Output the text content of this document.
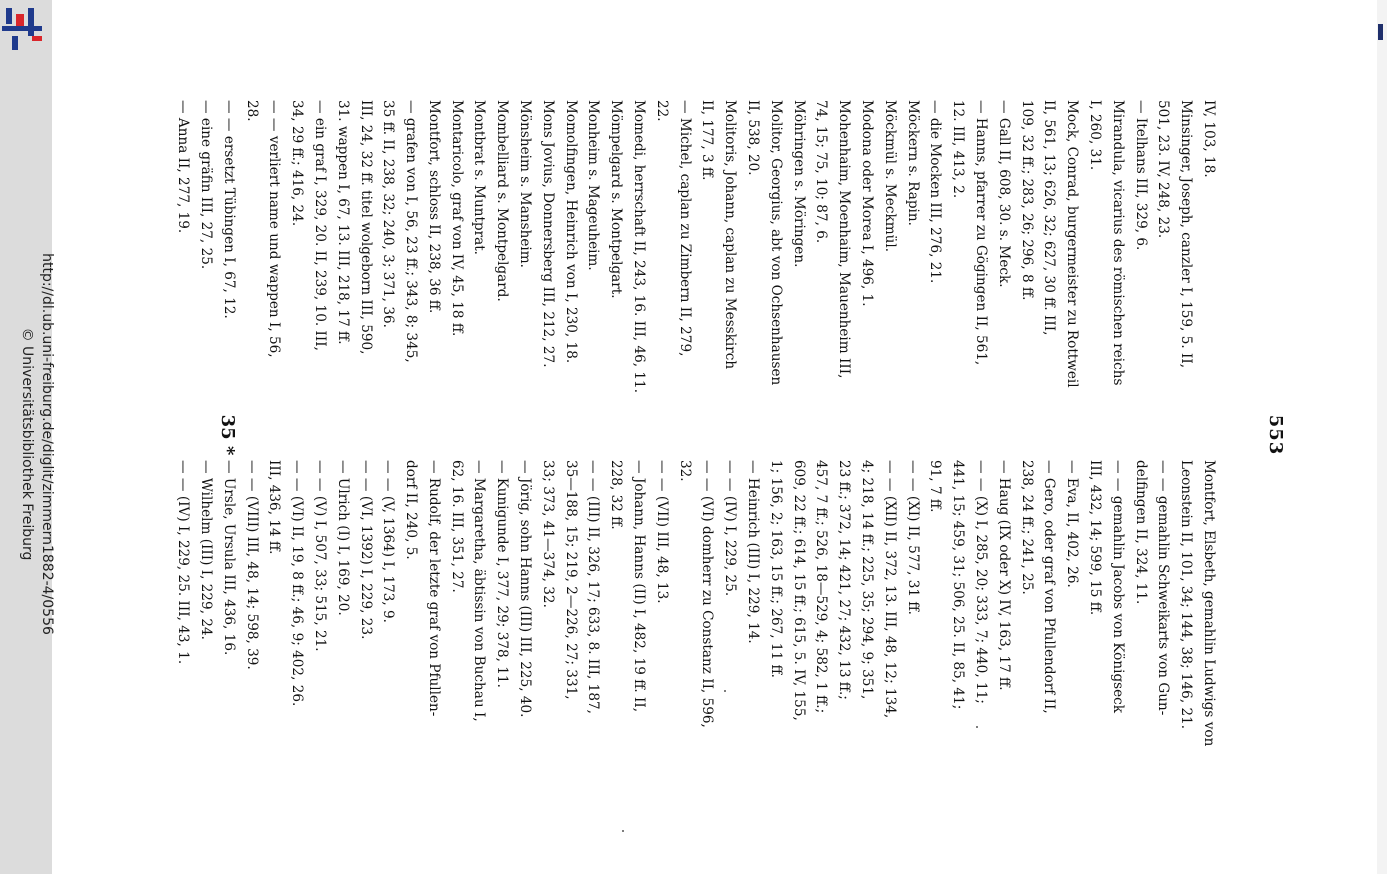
http://dl.ub.uni-freiburg.de/diglit/zimmern1882-4/0556
© Universitätsbibliothek Freiburg	553
IV, 103, 18.
Minsinger, Joseph, canzler I, 159, 5. II,
501, 23. IV, 248, 23.
— Itelhans III, 329, 6.
Mirandula, vicarius des römischen reichs
I, 260, 31.
Mock, Conrad, burgermeister zu Rottweil
II, 561, 13; 626, 32; 627, 30 ff. III,
109, 32 ff.; 283, 26; 296, 8 ff.
— Gall II, 608, 30. s. Meck.
— Hanns, pfarrer zu Gögingen II, 561,
12. III, 413, 2.
— die Mocken III, 276, 21.
Möckern s. Rapin.
Möckmül s. Meckmül.
Modona oder Morea I, 496, 1.
Mohenhaim, Moenhaim, Mauenheim III,
74, 15; 75, 10; 87, 6.
Möhringen s. Möringen.
Molitor, Georgius, abt von Ochsenhausen
II, 538, 20.
Molitoris, Johann, caplan zu Messkirch
II, 177, 3 ff.
— Michel, caplan zu Zimbern II, 279,
22.
Momedi, herrschaft II, 243, 16. III, 46, 11.
Mömpelgard s. Montpelgart.
Monheim s. Mageuheim.
Momolfingen, Heinrich von I, 230, 18.
Mons Jovius, Donnersberg III, 212, 27.
Mönsheim s. Mansheim.
Mombelliard s. Montpelgard.
Montbrat s. Muntprat.
Montaricolo, graf von IV, 45, 18 ff.
Montfort, schloss II, 238, 36 ff.
— grafen von I, 56, 23 ff.; 343, 8; 345,
35 ff. II, 238, 32; 240, 3; 371, 36.
III, 24, 32 ff. titel wolgeborn III, 590,
31. wappen I, 67, 13. III, 218, 17 ff.
— ein graf I, 329, 20. II, 239, 10. III,
34, 29 ff.; 416, 24.
— — verliert name und wappen I, 56,
28.
— — ersetzt Tübingen I, 67, 12.
— eine gräfin III, 27, 25.
— Anna II, 277, 19.
Montfort, Elsbeth, gemahlin Ludwigs von
Leonstein II, 101, 34; 144, 38; 146, 21.
— — gemahlin Schweikarts von Gun-
delfingen II, 324, 11.
— — gemahlin Jacobs von Königseck
III, 432, 14; 599, 15 ff.
— Eva, II, 402, 26.
— Gero, oder graf von Pfullendorf II,
238, 24 ff.; 241, 25.
— Haug (IX oder X) IV, 163, 17 ff.
— — (X) I, 285, 20; 333, 7; 440, 11;
441, 15; 459, 31; 506, 25. II, 85, 41;
91, 7 ff.
— — (XI) II, 577, 31 ff.
— — (XII) II, 372, 13. III, 48, 12; 134,
4; 218, 14 ff.; 225, 35; 294, 9; 351,
23 ff.; 372, 14; 421, 27; 432, 13 ff.;
457, 7 ff.; 526, 18—529, 4; 582, 1 ff.;
609, 22 ff.; 614, 15 ff.; 615, 5. IV, 155,
1; 156, 2; 163, 15 ff.; 267, 11 ff.
— Heinrich (III) I, 229, 14.
— — (IV) I, 229, 25.
— — (VI) domherr zu Constanz II, 596,
32.
— — (VII) III, 48, 13.
— Johann, Hanns (II) I, 482, 19 ff. II,
228, 32 ff.
— — (III) II, 326, 17; 633, 8. III, 187,
35—188, 15; 219, 2—226, 27; 331,
33; 373, 41—374, 32.
— Jörig, sohn Hanns (III) III, 225, 40.
— Kunigunde I, 377, 29; 378, 11.
— Margaretha, äbtissin von Buchau I,
62, 16. III, 351, 27.
— Rudolf, der letzte graf von Pfullen-
dorf II, 240, 5.
— — (V, 1364) I, 173, 9.
— — (VI, 1392) I, 229, 23.
— Ulrich (I) I, 169, 20.
— — (V) I, 507, 33; 515, 21.
— — (VI) II, 19, 8 ff.; 46, 9; 402, 26.
III, 436, 14 ff.
— — (VIII) III, 48, 14; 598, 39.
— Ursle, Ursula III, 436, 16.
— Wilhelm (III) I, 229, 24.
— — (IV) I, 229, 25. III, 43, 1.
35 *
